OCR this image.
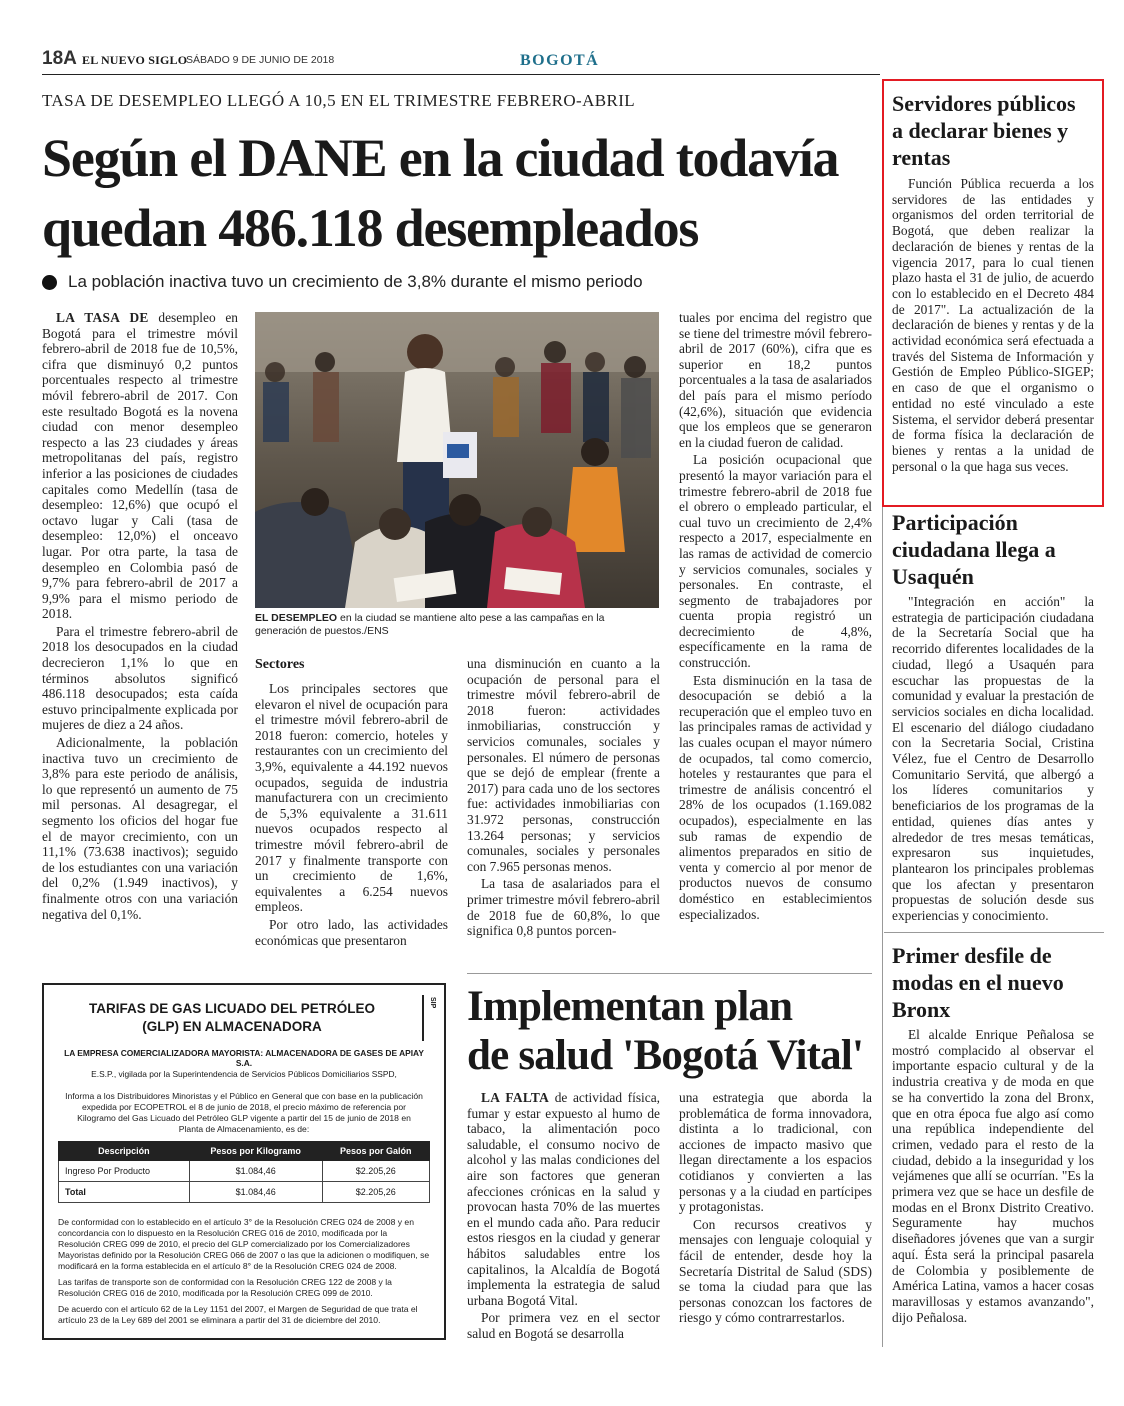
18A EL NUEVO SIGLO
SÁBADO 9 DE JUNIO DE 2018	BOGOTÁ
TASA DE DESEMPLEO LLEGÓ A 10,5 EN EL TRIMESTRE FEBRERO-ABRIL
Según el DANE en la ciudad todavía
quedan 486.118 desempleados
La población inactiva tuvo un crecimiento de 3,8% durante el mismo periodo

LA TASA DE desempleo en Bogotá para el trimestre móvil febrero-abril de 2018 fue de 10,5%, cifra que disminuyó 0,2 puntos porcentuales respecto al trimestre móvil febrero-abril de 2017. Con este resultado Bogotá es la novena ciudad con menor desempleo respecto a las 23 ciudades y áreas metropolitanas del país, registro inferior a las posiciones de ciudades capitales como Medellín (tasa de desempleo: 12,6%) que ocupó el octavo lugar y Cali (tasa de desempleo: 12,0%) el onceavo lugar. Por otra parte, la tasa de desempleo en Colombia pasó de 9,7% para febrero-abril de 2017 a 9,9% para el mismo periodo de 2018.

Para el trimestre febrero-abril de 2018 los desocupados en la ciudad decrecieron 1,1% lo que en términos absolutos significó 486.118 desocupados; esta caída estuvo principalmente explicada por mujeres de diez a 24 años.

Adicionalmente, la población inactiva tuvo un crecimiento de 3,8% para este periodo de análisis, lo que representó un aumento de 75 mil personas. Al desagregar, el segmento los oficios del hogar fue el de mayor crecimiento, con un 11,1% (73.638 inactivos); seguido de los estudiantes con una variación del 0,2% (1.949 inactivos), y finalmente otros con una variación negativa del 0,1%.

EL DESEMPLEO en la ciudad se mantiene alto pese a las campañas en la generación de puestos./ENS
Sectores

Los principales sectores que elevaron el nivel de ocupación para el trimestre móvil febrero-abril de 2018 fueron: comercio, hoteles y restaurantes con un crecimiento del 3,9%, equivalente a 44.192 nuevos ocupados, seguida de industria manufacturera con un crecimiento de 5,3% equivalente a 31.611 nuevos ocupados respecto al trimestre móvil febrero-abril de 2017 y finalmente transporte con un crecimiento de 1,6%, equivalentes a 6.254 nuevos empleos.

Por otro lado, las actividades económicas que presentaron

una disminución en cuanto a la ocupación de personal para el trimestre móvil febrero-abril de 2018 fueron: actividades inmobiliarias, construcción y servicios comunales, sociales y personales. El número de personas que se dejó de emplear (frente a 2017) para cada uno de los sectores fue: actividades inmobiliarias con 31.972 personas, construcción 13.264 personas; y servicios comunales, sociales y personales con 7.965 personas menos.

La tasa de asalariados para el primer trimestre móvil febrero-abril de 2018 fue de 60,8%, lo que significa 0,8 puntos porcen-

tuales por encima del registro que se tiene del trimestre móvil febrero-abril de 2017 (60%), cifra que es superior en 18,2 puntos porcentuales a la tasa de asalariados del país para el mismo período (42,6%), situación que evidencia que los empleos que se generaron en la ciudad fueron de calidad.

La posición ocupacional que presentó la mayor variación para el trimestre febrero-abril de 2018 fue el obrero o empleado particular, el cual tuvo un crecimiento de 2,4% respecto a 2017, especialmente en las ramas de actividad de comercio y servicios comunales, sociales y personales. En contraste, el segmento de trabajadores por cuenta propia registró un decrecimiento de 4,8%, específicamente en la rama de construcción.

Esta disminución en la tasa de desocupación se debió a la recuperación que el empleo tuvo en las principales ramas de actividad y las cuales ocupan el mayor número de ocupados, tal como comercio, hoteles y restaurantes que para el trimestre de análisis concentró el 28% de los ocupados (1.169.082 ocupados), especialmente en las sub ramas de expendio de alimentos preparados en sitio de venta y comercio al por menor de productos nuevos de consumo doméstico en establecimientos especializados.

Servidores públicos a declarar bienes y rentas

Función Pública recuerda a los servidores de las entidades y organismos del orden territorial de Bogotá, que deben realizar la declaración de bienes y rentas de la vigencia 2017, para lo cual tienen plazo hasta el 31 de julio, de acuerdo con lo establecido en el Decreto 484 de 2017". La actualización de la declaración de bienes y rentas y de la actividad económica será efectuada a través del Sistema de Información y Gestión de Empleo Público-SIGEP; en caso de que el organismo o entidad no esté vinculado a este Sistema, el servidor deberá presentar de forma física la declaración de bienes y rentas a la unidad de personal o la que haga sus veces.

Participación ciudadana llega a Usaquén

"Integración en acción" la estrategia de participación ciudadana de la Secretaría Social que ha recorrido diferentes localidades de la ciudad, llegó a Usaquén para escuchar las propuestas de la comunidad y evaluar la prestación de servicios sociales en dicha localidad. El escenario del diálogo ciudadano con la Secretaria Social, Cristina Vélez, fue el Centro de Desarrollo Comunitario Servitá, que albergó a los líderes comunitarios y beneficiarios de los programas de la entidad, quienes días antes y alrededor de tres mesas temáticas, expresaron sus inquietudes, plantearon los principales problemas que los afectan y presentaron propuestas de solución desde sus experiencias y conocimiento.

Primer desfile de modas en el nuevo Bronx

El alcalde Enrique Peñalosa se mostró complacido al observar el importante espacio cultural y de la industria creativa y de moda en que se ha convertido la zona del Bronx, que en otra época fue algo así como una república independiente del crimen, vedado para el resto de la ciudad, debido a la inseguridad y los vejámenes que allí se ocurrían. "Es la primera vez que se hace un desfile de modas en el Bronx Distrito Creativo. Seguramente hay muchos diseñadores jóvenes que van a surgir aquí. Ésta será la principal pasarela de Colombia y posiblemente de América Latina, vamos a hacer cosas maravillosas y estamos avanzando", dijo Peñalosa.

TARIFAS DE GAS LICUADO DEL PETRÓLEO
(GLP) EN ALMACENADORA
SIP
LA EMPRESA COMERCIALIZADORA MAYORISTA: ALMACENADORA DE GASES DE APIAY S.A.
E.S.P., vigilada por la Superintendencia de Servicios Públicos Domiciliarios SSPD,
Informa a los Distribuidores Minoristas y el Público en General que con base en la publicación expedida por ECOPETROL el 8 de junio de 2018, el precio máximo de referencia por Kilogramo del Gas Licuado del Petróleo GLP vigente a partir del 15 de junio de 2018 en Planta de Almacenamiento, es de:
Descripción	Pesos por Kilogramo	Pesos por Galón
Ingreso Por Producto	$1.084,46	$2.205,26
Total	$1.084,46	$2.205,26
De conformidad con lo establecido en el artículo 3° de la Resolución CREG 024 de 2008 y en concordancia con lo dispuesto en la Resolución CREG 016 de 2010, modificada por la Resolución CREG 099 de 2010, el precio del GLP comercializado por los Comercializadores Mayoristas definido por la Resolución CREG 066 de 2007 o las que la adicionen o modifiquen, se modificará en la forma establecida en el artículo 8° de la Resolución CREG 024 de 2008.
Las tarifas de transporte son de conformidad con la Resolución CREG 122 de 2008 y la Resolución CREG 016 de 2010, modificada por la Resolución CREG 099 de 2010.
De acuerdo con el artículo 62 de la Ley 1151 del 2007, el Margen de Seguridad de que trata el artículo 23 de la Ley 689 del 2001 se eliminara a partir del 31 de diciembre del 2010.
Implementan plan
de salud 'Bogotá Vital'

LA FALTA de actividad física, fumar y estar expuesto al humo de tabaco, la alimentación poco saludable, el consumo nocivo de alcohol y las malas condiciones del aire son factores que generan afecciones crónicas en la salud y provocan hasta 70% de las muertes en el mundo cada año. Para reducir estos riesgos en la ciudad y generar hábitos saludables entre los capitalinos, la Alcaldía de Bogotá implementa la estrategia de salud urbana Bogotá Vital.

Por primera vez en el sector salud en Bogotá se desarrolla

una estrategia que aborda la problemática de forma innovadora, distinta a lo tradicional, con acciones de impacto masivo que llegan directamente a los espacios cotidianos y convierten a las personas y a la ciudad en partícipes y protagonistas.

Con recursos creativos y mensajes con lenguaje coloquial y fácil de entender, desde hoy la Secretaría Distrital de Salud (SDS) se toma la ciudad para que las personas conozcan los factores de riesgo y cómo contrarrestarlos.
